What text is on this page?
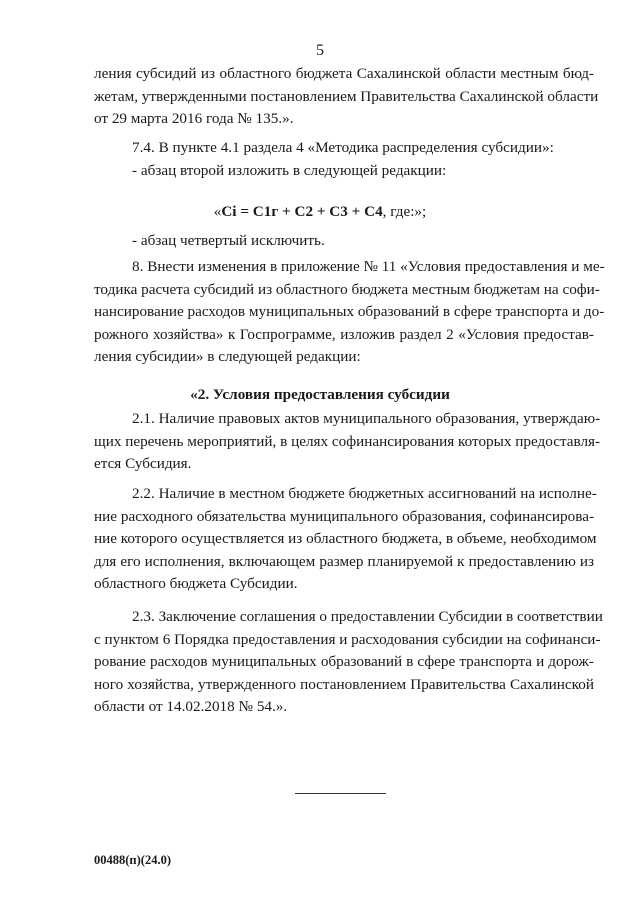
5
ления субсидий из областного бюджета Сахалинской области местным бюд-
жетам, утвержденными постановлением Правительства Сахалинской области
от 29 марта 2016 года № 135.».
7.4. В пункте 4.1 раздела 4 «Методика распределения субсидии»:
- абзац второй изложить в следующей редакции:
«Ci = C1г + C2 + C3 + C4, где:»;
- абзац четвертый исключить.
8. Внести изменения в приложение № 11 «Условия предоставления и ме-
тодика расчета субсидий из областного бюджета местным бюджетам на софи-
нансирование расходов муниципальных образований в сфере транспорта и до-
рожного хозяйства» к Госпрограмме, изложив раздел 2 «Условия предостав-
ления субсидии» в следующей редакции:
«2. Условия предоставления субсидии
2.1. Наличие правовых актов муниципального образования, утверждаю-
щих перечень мероприятий, в целях софинансирования которых предоставля-
ется Субсидия.
2.2. Наличие в местном бюджете бюджетных ассигнований на исполне-
ние расходного обязательства муниципального образования, софинансирова-
ние которого осуществляется из областного бюджета, в объеме, необходимом
для его исполнения, включающем размер планируемой к предоставлению из
областного бюджета Субсидии.
2.3. Заключение соглашения о предоставлении Субсидии в соответствии
с пунктом 6 Порядка предоставления и расходования субсидии на софинанси-
рование расходов муниципальных образований в сфере транспорта и дорож-
ного хозяйства, утвержденного постановлением Правительства Сахалинской
области от 14.02.2018 № 54.».
00488(п)(24.0)
